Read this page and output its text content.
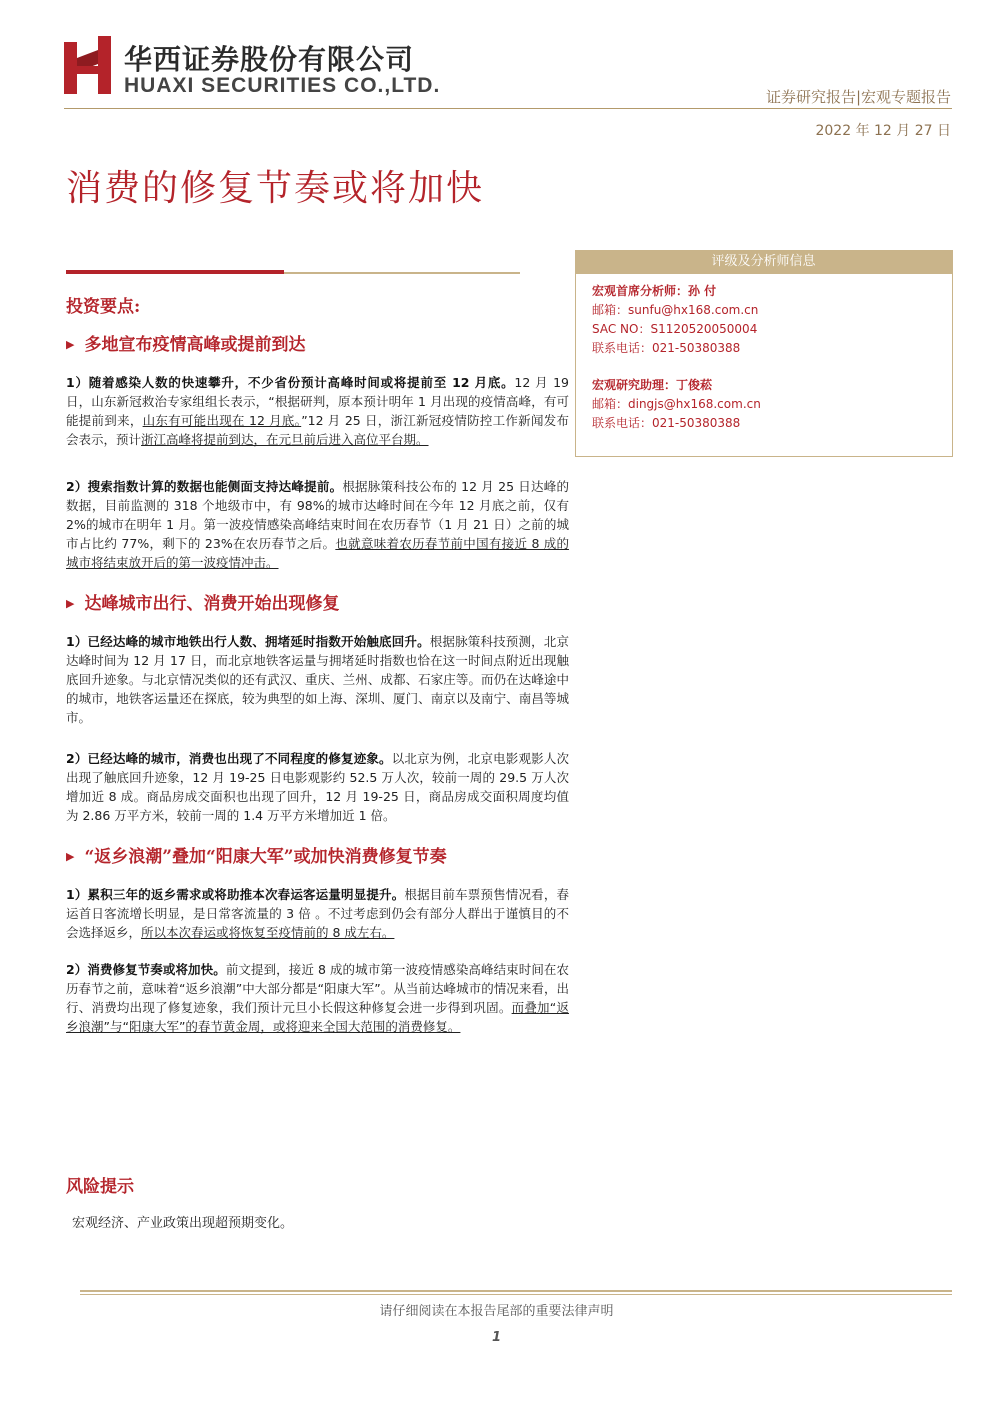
华西证券股份有限公司
HUAXI SECURITIES CO.,LTD.	证券研究报告|宏观专题报告
2022 年 12 月 27 日
消费的修复节奏或将加快
投资要点:
▶ 多地宣布疫情高峰或提前到达

1）随着感染人数的快速攀升，不少省份预计高峰时间或将提前至 12 月底。12 月 19 日，山东新冠救治专家组组长表示，“根据研判，原本预计明年 1 月出现的疫情高峰，有可能提前到来，山东有可能出现在 12 月底。”12 月 25 日，浙江新冠疫情防控工作新闻发布会表示，预计浙江高峰将提前到达，在元旦前后进入高位平台期。

2）搜索指数计算的数据也能侧面支持达峰提前。根据脉策科技公布的 12 月 25 日达峰的数据，目前监测的 318 个地级市中，有 98%的城市达峰时间在今年 12 月底之前，仅有 2%的城市在明年 1 月。第一波疫情感染高峰结束时间在农历春节（1 月 21 日）之前的城市占比约 77%，剩下的 23%在农历春节之后。也就意味着农历春节前中国有接近 8 成的城市将结束放开后的第一波疫情冲击。

▶ 达峰城市出行、消费开始出现修复

1）已经达峰的城市地铁出行人数、拥堵延时指数开始触底回升。根据脉策科技预测，北京达峰时间为 12 月 17 日，而北京地铁客运量与拥堵延时指数也恰在这一时间点附近出现触底回升迹象。与北京情况类似的还有武汉、重庆、兰州、成都、石家庄等。而仍在达峰途中的城市，地铁客运量还在探底，较为典型的如上海、深圳、厦门、南京以及南宁、南昌等城市。

2）已经达峰的城市，消费也出现了不同程度的修复迹象。以北京为例，北京电影观影人次出现了触底回升迹象，12 月 19-25 日电影观影约 52.5 万人次，较前一周的 29.5 万人次增加近 8 成。商品房成交面积也出现了回升，12 月 19-25 日，商品房成交面积周度均值为 2.86 万平方米，较前一周的 1.4 万平方米增加近 1 倍。

▶ “返乡浪潮”叠加“阳康大军”或加快消费修复节奏

1）累积三年的返乡需求或将助推本次春运客运量明显提升。根据目前车票预售情况看，春运首日客流增长明显，是日常客流量的 3 倍 。不过考虑到仍会有部分人群出于谨慎目的不会选择返乡，所以本次春运或将恢复至疫情前的 8 成左右。

2）消费修复节奏或将加快。前文提到，接近 8 成的城市第一波疫情感染高峰结束时间在农历春节之前，意味着“返乡浪潮”中大部分都是“阳康大军”。从当前达峰城市的情况来看，出行、消费均出现了修复迹象，我们预计元旦小长假这种修复会进一步得到巩固。而叠加“返乡浪潮”与“阳康大军”的春节黄金周，或将迎来全国大范围的消费修复。

风险提示
宏观经济、产业政策出现超预期变化。
评级及分析师信息
宏观首席分析师：孙 付
邮箱：sunfu@hx168.com.cn
SAC NO：S1120520050004
联系电话：021-50380388
宏观研究助理：丁俊菘
邮箱：dingjs@hx168.com.cn
联系电话：021-50380388
请仔细阅读在本报告尾部的重要法律声明
1
